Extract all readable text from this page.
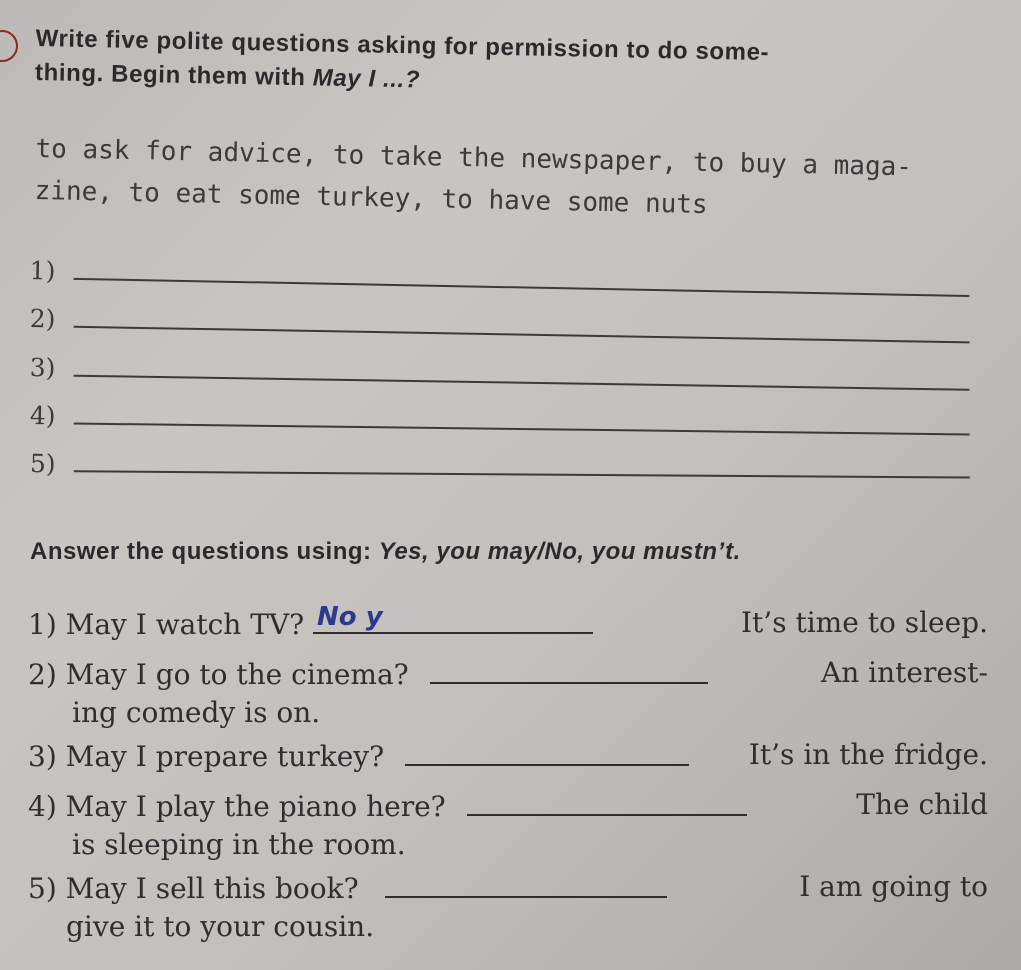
Write five polite questions asking for permission to do some-
thing. Begin them with May I ...?
to ask for advice, to take the newspaper, to buy a maga-
zine, to eat some turkey, to have some nuts
1)
2)
3)
4)
5)
Answer the questions using: Yes, you may/No, you mustn’t.
1) May I watch TV? No y	It’s time to sleep.
2) May I go to the cinema?	An interest-
ing comedy is on.
3) May I prepare turkey?	It’s in the fridge.
4) May I play the piano here?	The child
is sleeping in the room.
5) May I sell this book?	I am going to
give it to your cousin.
